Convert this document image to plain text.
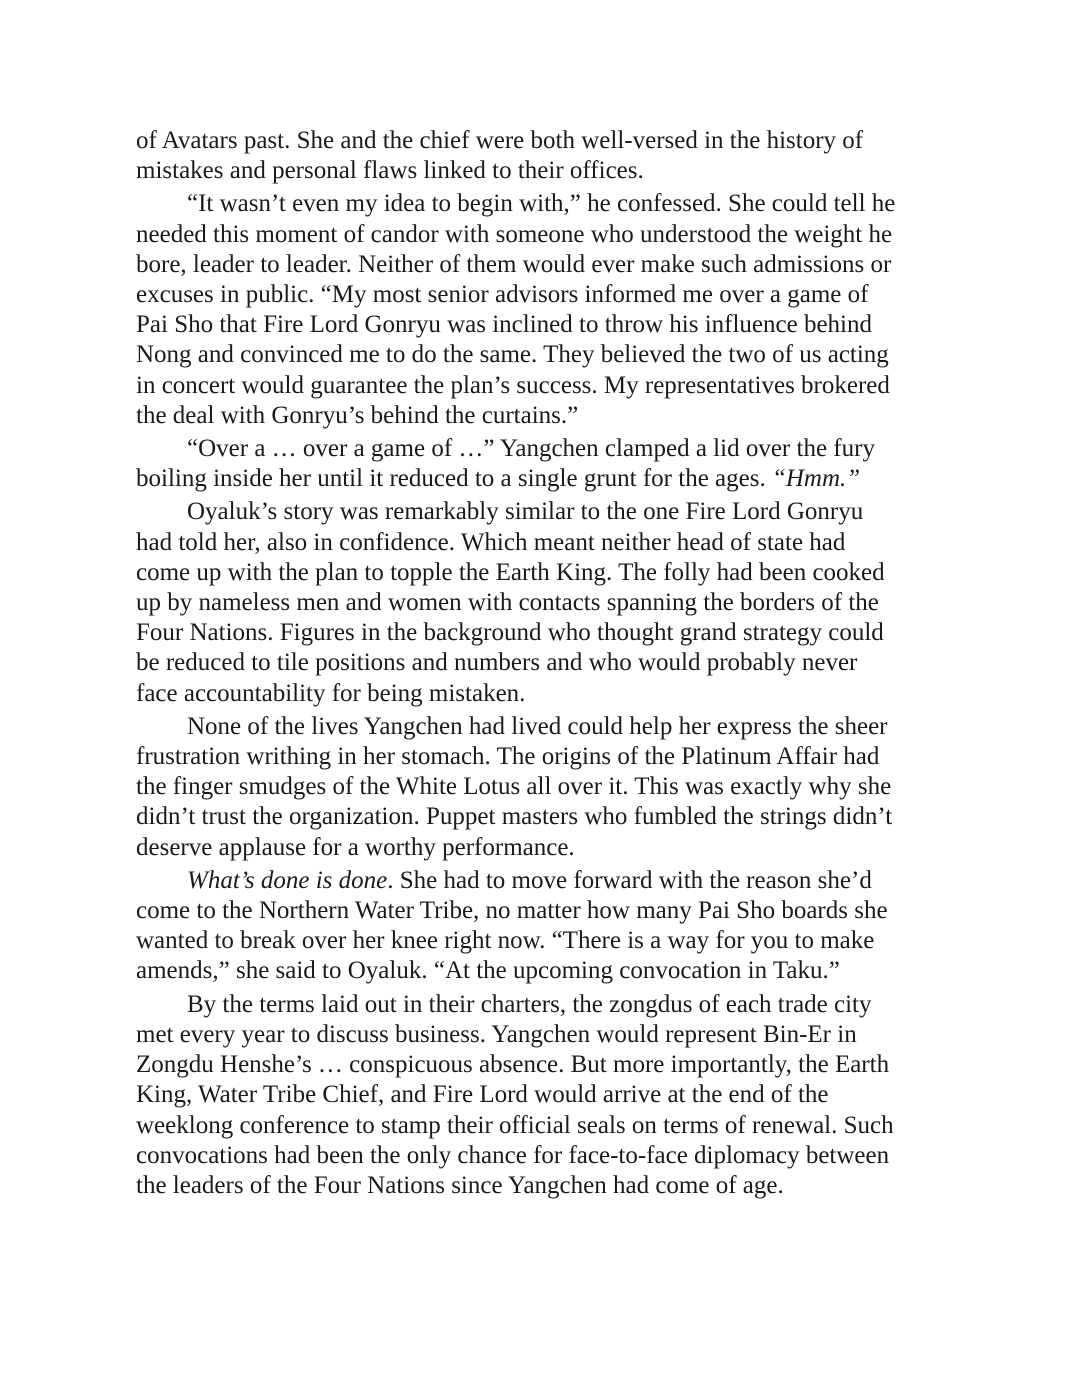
of Avatars past. She and the chief were both well-versed in the history of
mistakes and personal flaws linked to their offices.

“It wasn’t even my idea to begin with,” he confessed. She could tell he
needed this moment of candor with someone who understood the weight he
bore, leader to leader. Neither of them would ever make such admissions or
excuses in public. “My most senior advisors informed me over a game of
Pai Sho that Fire Lord Gonryu was inclined to throw his influence behind
Nong and convinced me to do the same. They believed the two of us acting
in concert would guarantee the plan’s success. My representatives brokered
the deal with Gonryu’s behind the curtains.”

“Over a … over a game of …” Yangchen clamped a lid over the fury
boiling inside her until it reduced to a single grunt for the ages. “Hmm.”

Oyaluk’s story was remarkably similar to the one Fire Lord Gonryu
had told her, also in confidence. Which meant neither head of state had
come up with the plan to topple the Earth King. The folly had been cooked
up by nameless men and women with contacts spanning the borders of the
Four Nations. Figures in the background who thought grand strategy could
be reduced to tile positions and numbers and who would probably never
face accountability for being mistaken.

None of the lives Yangchen had lived could help her express the sheer
frustration writhing in her stomach. The origins of the Platinum Affair had
the finger smudges of the White Lotus all over it. This was exactly why she
didn’t trust the organization. Puppet masters who fumbled the strings didn’t
deserve applause for a worthy performance.

What’s done is done. She had to move forward with the reason she’d
come to the Northern Water Tribe, no matter how many Pai Sho boards she
wanted to break over her knee right now. “There is a way for you to make
amends,” she said to Oyaluk. “At the upcoming convocation in Taku.”

By the terms laid out in their charters, the zongdus of each trade city
met every year to discuss business. Yangchen would represent Bin-Er in
Zongdu Henshe’s … conspicuous absence. But more importantly, the Earth
King, Water Tribe Chief, and Fire Lord would arrive at the end of the
weeklong conference to stamp their official seals on terms of renewal. Such
convocations had been the only chance for face-to-face diplomacy between
the leaders of the Four Nations since Yangchen had come of age.
